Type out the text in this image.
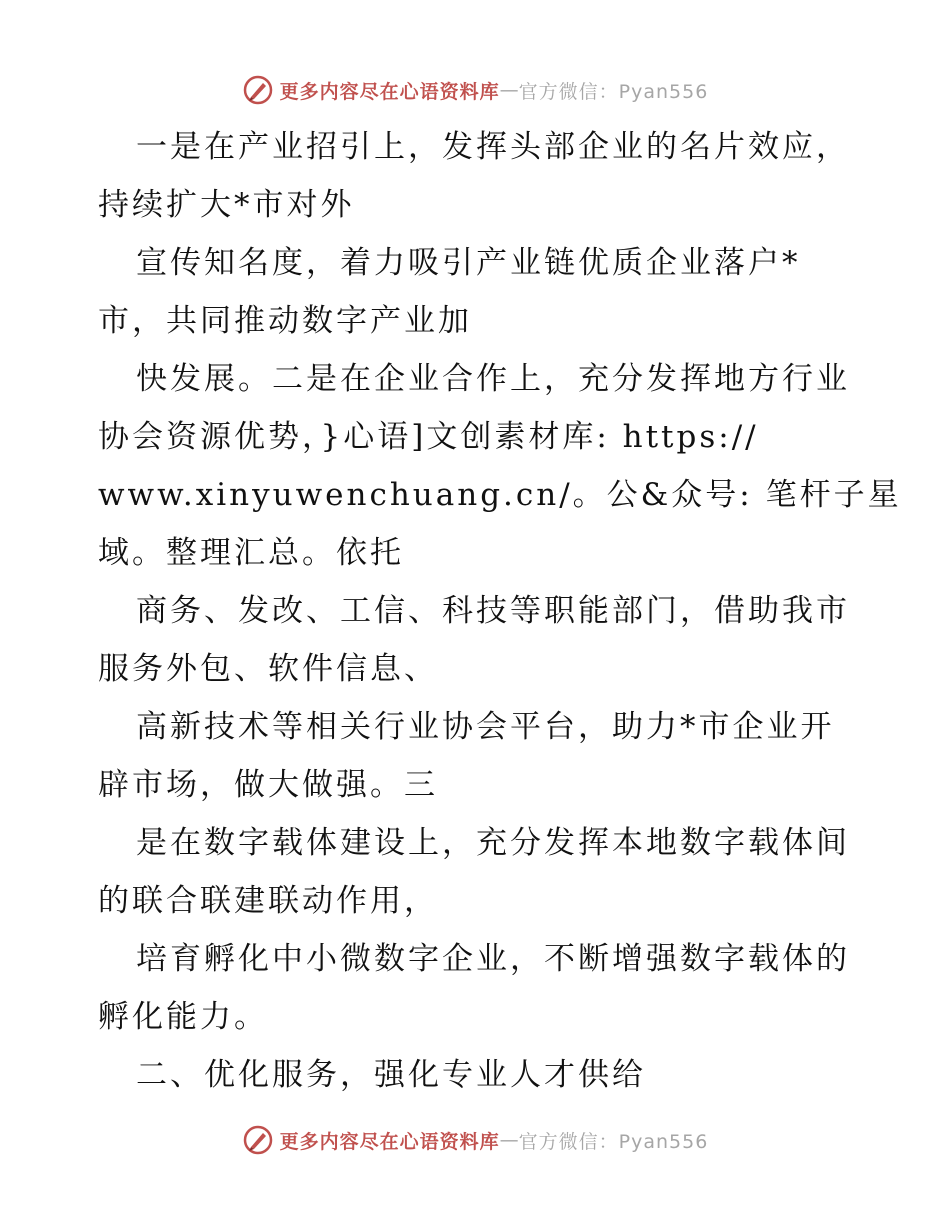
更多内容尽在心语资料库 — 官方微信：Pyan556
一是在产业招引上，发挥头部企业的名片效应，
持续扩大*市对外
宣传知名度，着力吸引产业链优质企业落户*
市，共同推动数字产业加
快发展。二是在企业合作上，充分发挥地方行业
协会资源优势，}心语]文创素材库: https://
www.xinyuwenchuang.cn/。公&众号: 笔杆子星
域。整理汇总。依托
商务、发改、工信、科技等职能部门，借助我市
服务外包、软件信息、
高新技术等相关行业协会平台，助力*市企业开
辟市场，做大做强。三
是在数字载体建设上，充分发挥本地数字载体间
的联合联建联动作用，
培育孵化中小微数字企业，不断增强数字载体的
孵化能力。
二、优化服务，强化专业人才供给
更多内容尽在心语资料库 — 官方微信：Pyan556
